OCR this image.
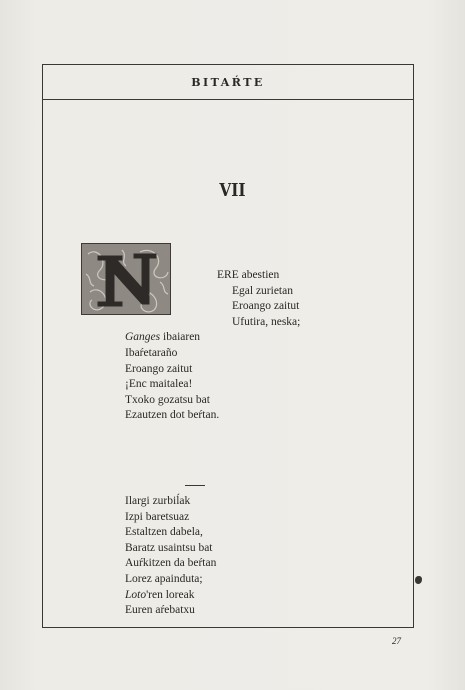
BITAŔTE
VII
ERE abestien
Egal zurietan
Eroango zaitut
Ufutira, neska;
Ganges ibaiaren
Ibaŕetaraño
Eroango zaitut
¡Enc maitalea!
Txoko gozatsu bat
Ezautzen dot beŕtan.
Ilargi zurbiĺak
Izpi baretsuaz
Estaltzen dabela,
Baratz usaintsu bat
Auŕkitzen da beŕtan
Lorez apainduta;
Loto'ren loreak
Euren aŕebatxu
27
